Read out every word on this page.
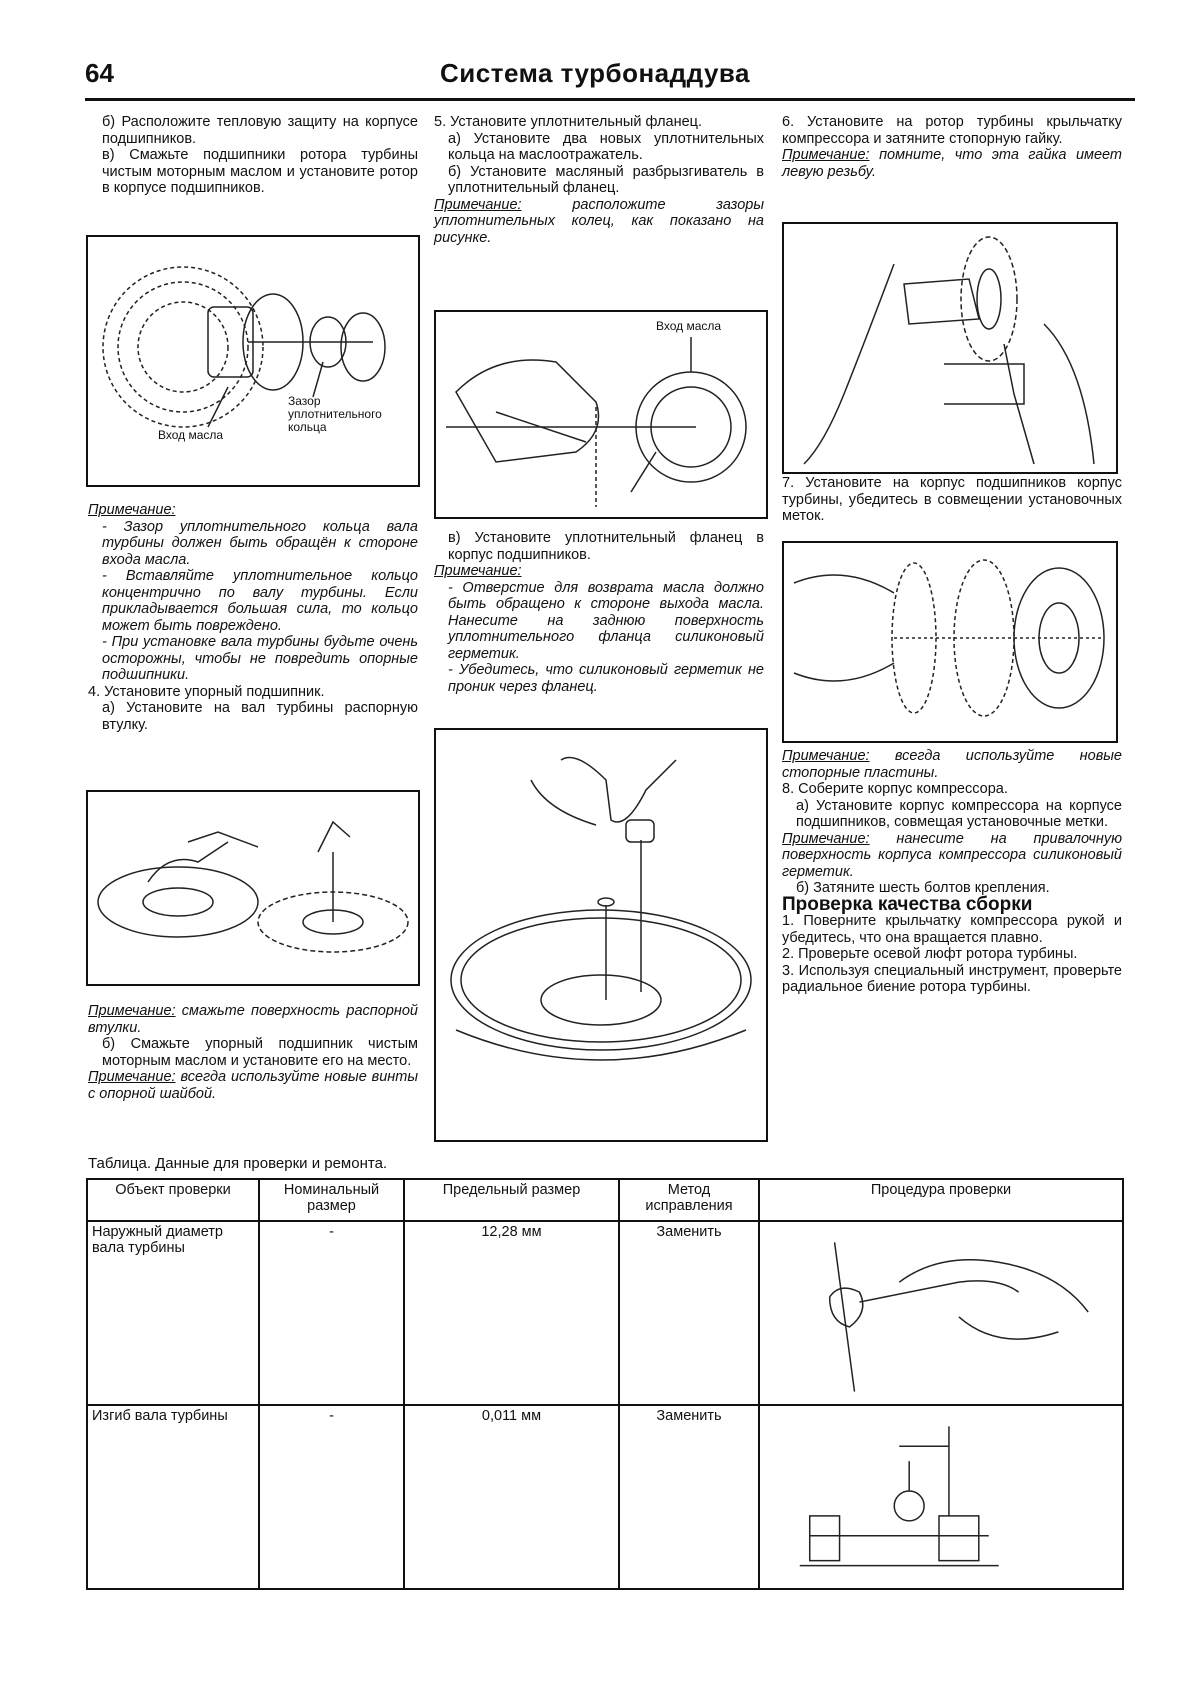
64	Система турбонаддува

б) Расположите тепловую защиту на корпусе подшипников.

в) Смажьте подшипники ротора турбины чистым моторным маслом и установите ротор в корпусе подшипников.

Вход масла
Зазор уплотнительного кольца

Примечание:

- Зазор уплотнительного кольца вала турбины должен быть обращён к стороне входа масла.

- Вставляйте уплотнительное кольцо концентрично по валу турбины. Если прикладывается большая сила, то кольцо может быть повреждено.

- При установке вала турбины будьте очень осторожны, чтобы не повредить опорные подшипники.

4. Установите упорный подшипник.

а) Установите на вал турбины распорную втулку.

Примечание: смажьте поверхность распорной втулки.

б) Смажьте упорный подшипник чистым моторным маслом и установите его на место.

Примечание: всегда используйте новые винты с опорной шайбой.

5. Установите уплотнительный фланец.

а) Установите два новых уплотнительных кольца на маслоотражатель.

б) Установите масляный разбрызгиватель в уплотнительный фланец.

Примечание:	расположите зазоры уплотнительных колец, как показано на рисунке.

Вход масла

в) Установите уплотнительный фланец в корпус подшипников.

Примечание:

- Отверстие для возврата масла должно быть обращено к стороне выхода масла. Нанесите на заднюю поверхность уплотнительного фланца силиконовый герметик.

- Убедитесь, что силиконовый герметик не проник через фланец.

6. Установите на ротор турбины крыльчатку компрессора и затяните стопорную гайку.

Примечание: помните, что эта гайка имеет левую резьбу.

7. Установите на корпус подшипников корпус турбины, убедитесь в совмещении установочных меток.

Примечание: всегда используйте новые стопорные пластины.

8. Соберите корпус компрессора.

а) Установите корпус компрессора на корпусе подшипников, совмещая установочные метки.

Примечание: нанесите на привалочную поверхность корпуса компрессора силиконовый герметик.

б) Затяните шесть болтов крепления.

Проверка качества сборки

1. Поверните крыльчатку компрессора рукой и убедитесь, что она вращается плавно.

2. Проверьте осевой люфт ротора турбины.

3. Используя специальный инструмент, проверьте радиальное биение ротора турбины.

Таблица. Данные для проверки и ремонта.
Объект проверки	Номинальный размер	Предельный размер	Метод исправления	Процедура проверки
Наружный диаметр вала турбины	-	12,28 мм	Заменить	

Изгиб вала турбины	-	0,011 мм	Заменить	
